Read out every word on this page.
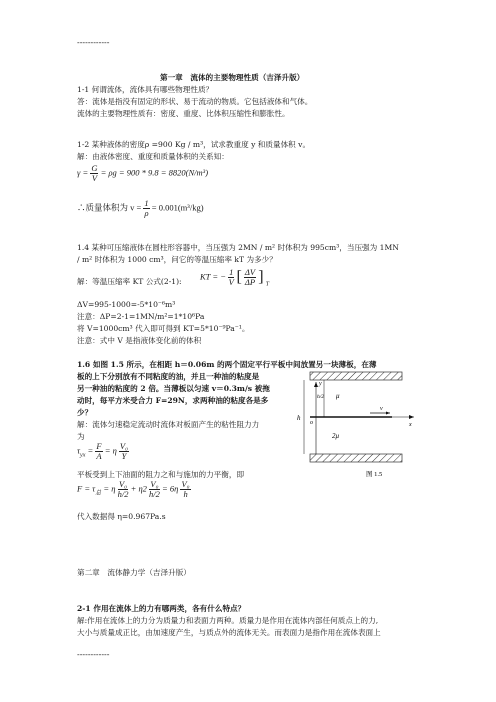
------------
第一章　流体的主要物理性质（吉泽升版）
1-1 何谓流体，流体具有哪些物理性质？
答：流体是指没有固定的形状、易于流动的物质。它包括液体和气体。
流体的主要物理性质有：密度、重度、比体积压缩性和膨胀性。
1-2 某种液体的密度ρ =900 Kg / m³，试求教重度 y 和质量体积 v。
解：由液体密度、重度和质量体积的关系知：
$\gamma = \frac{G}{V} = \rho g = 900 * 9.8 = 8820(N/m^3)$
∴质量体积为 $v = \frac{1}{\rho} = 0.001(m^3/kg)$
1.4 某种可压缩液体在圆柱形容器中，当压强为 2MN / m² 时体积为 995cm³，当压强为 1MN
/ m² 时体积为 1000 cm³，问它的等温压缩率 kT 为多少？
解：等温压缩率 KT 公式(2-1):
KT = − $\frac{1}{V}$ [ $\frac{\Delta V}{\Delta P}$ ] $_T$
ΔV=995-1000=-5*10⁻⁶m³
注意：ΔP=2-1=1MN/m²=1*10⁶Pa
将 V=1000cm³ 代入即可得到 KT=5*10⁻⁹Pa⁻¹。
注意：式中 V 是指液体变化前的体积
1.6 如图 1.5 所示，在相距 h＝0.06m 的两个固定平行平板中间放置另一块薄板，在薄
板的上下分别放有不同粘度的油，并且一种油的粘度是
另一种油的粘度的 2 倍。当薄板以匀速 v＝0.3m/s 被拖
动时，每平方米受合力 F=29N，求两种油的粘度各是多
少？
解：流体匀速稳定流动时流体对板面产生的粘性阻力力
为
$\tau_{yx} = \frac{F}{A} = \eta \frac{\text{V₀}}{Y}$
平板受到上下油面的阻力之和与施加的力平衡，即
$F = \tau_总 = \eta \frac{\text{V₀}}{h/2} + \eta 2 \frac{\text{V₀}}{h/2} = 6\eta \frac{\text{V₀}}{h}$
代入数据得 η=0.967Pa.s
h
h/2 μ
2μ
y
o
v
x
图 1.5
第二章　流体静力学（吉泽升版）
2-1 作用在流体上的力有哪两类，各有什么特点？
解:作用在流体上的力分为质量力和表面力两种。质量力是作用在流体内部任何质点上的力,
大小与质量成正比，由加速度产生，与质点外的流体无关。而表面力是指作用在流体表面上
------------
